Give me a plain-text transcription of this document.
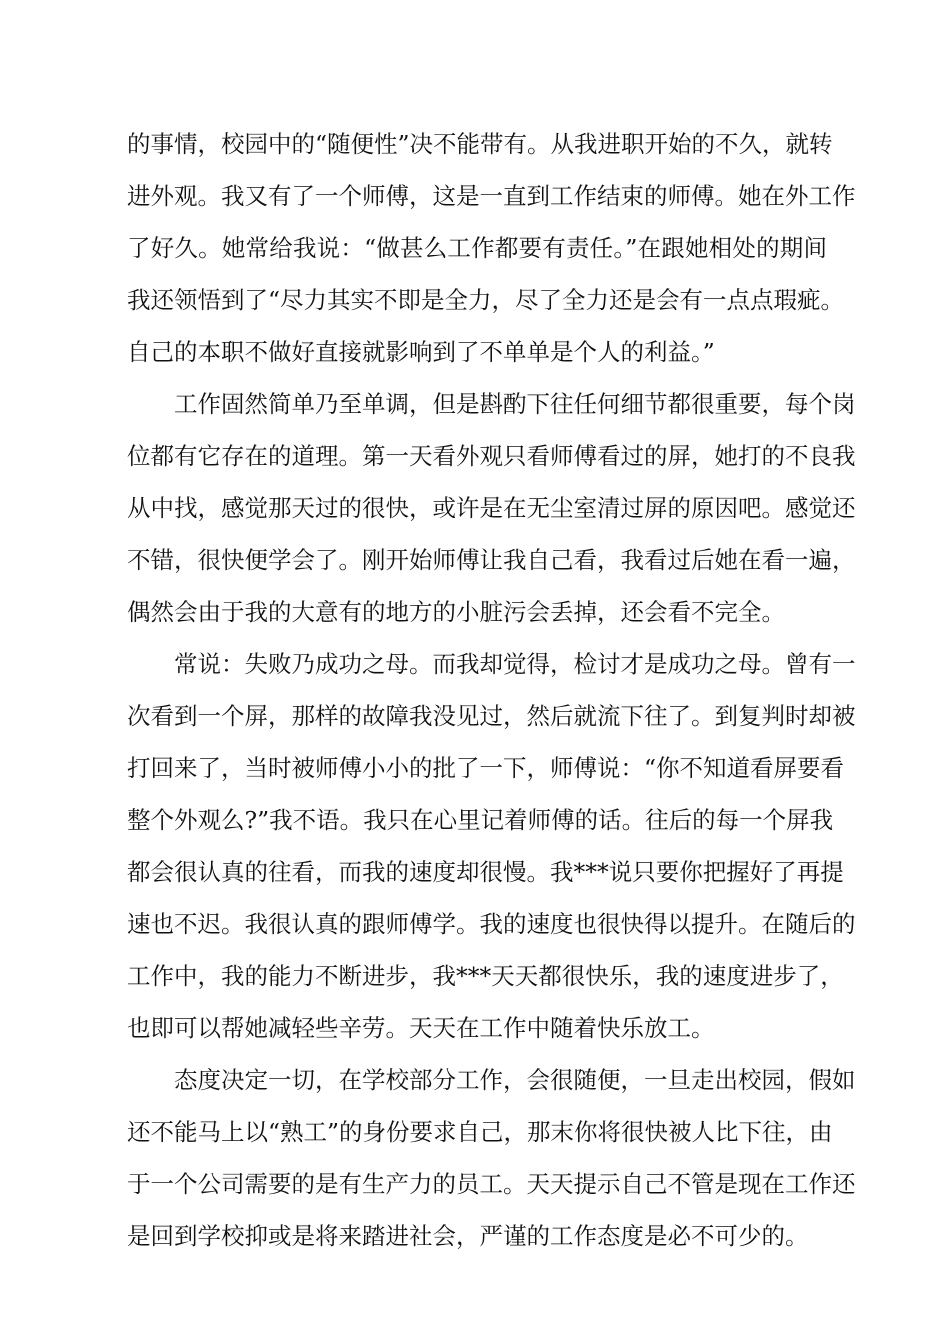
的事情，校园中的“随便性”决不能带有。从我进职开始的不久，就转
进外观。我又有了一个师傅，这是一直到工作结束的师傅。她在外工作
了好久。她常给我说：“做甚么工作都要有责任。”在跟她相处的期间
我还领悟到了“尽力其实不即是全力，尽了全力还是会有一点点瑕疵。
自己的本职不做好直接就影响到了不单单是个人的利益。”
工作固然简单乃至单调，但是斟酌下往任何细节都很重要，每个岗
位都有它存在的道理。第一天看外观只看师傅看过的屏，她打的不良我
从中找，感觉那天过的很快，或许是在无尘室清过屏的原因吧。感觉还
不错，很快便学会了。刚开始师傅让我自己看，我看过后她在看一遍，
偶然会由于我的大意有的地方的小脏污会丢掉，还会看不完全。
常说：失败乃成功之母。而我却觉得，检讨才是成功之母。曾有一
次看到一个屏，那样的故障我没见过，然后就流下往了。到复判时却被
打回来了，当时被师傅小小的批了一下，师傅说：“你不知道看屏要看
整个外观么?”我不语。我只在心里记着师傅的话。往后的每一个屏我
都会很认真的往看，而我的速度却很慢。我***说只要你把握好了再提
速也不迟。我很认真的跟师傅学。我的速度也很快得以提升。在随后的
工作中，我的能力不断进步，我***天天都很快乐，我的速度进步了，
也即可以帮她减轻些辛劳。天天在工作中随着快乐放工。
态度决定一切，在学校部分工作，会很随便，一旦走出校园，假如
还不能马上以“熟工”的身份要求自己，那末你将很快被人比下往，由
于一个公司需要的是有生产力的员工。天天提示自己不管是现在工作还
是回到学校抑或是将来踏进社会，严谨的工作态度是必不可少的。
